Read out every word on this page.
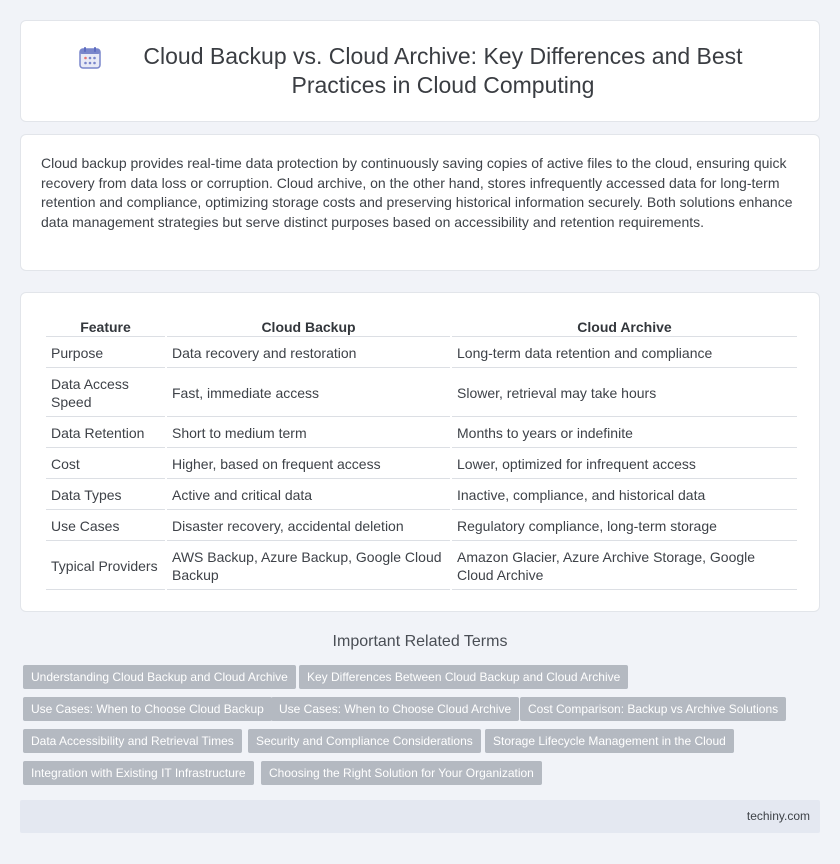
Cloud Backup vs. Cloud Archive: Key Differences and Best Practices in Cloud Computing

Cloud backup provides real-time data protection by continuously saving copies of active files to the cloud, ensuring quick recovery from data loss or corruption. Cloud archive, on the other hand, stores infrequently accessed data for long-term retention and compliance, optimizing storage costs and preserving historical information securely. Both solutions enhance data management strategies but serve distinct purposes based on accessibility and retention requirements.

Feature	Cloud Backup	Cloud Archive
Purpose	Data recovery and restoration	Long-term data retention and compliance
Data Access Speed	Fast, immediate access	Slower, retrieval may take hours
Data Retention	Short to medium term	Months to years or indefinite
Cost	Higher, based on frequent access	Lower, optimized for infrequent access
Data Types	Active and critical data	Inactive, compliance, and historical data
Use Cases	Disaster recovery, accidental deletion	Regulatory compliance, long-term storage
Typical Providers	AWS Backup, Azure Backup, Google Cloud Backup	Amazon Glacier, Azure Archive Storage, Google Cloud Archive
Important Related Terms
Understanding Cloud Backup and Cloud Archive	Key Differences Between Cloud Backup and Cloud Archive
Use Cases: When to Choose Cloud Backup	Use Cases: When to Choose Cloud Archive	Cost Comparison: Backup vs Archive Solutions
Data Accessibility and Retrieval Times	Security and Compliance Considerations	Storage Lifecycle Management in the Cloud
Integration with Existing IT Infrastructure	Choosing the Right Solution for Your Organization
techiny.com
